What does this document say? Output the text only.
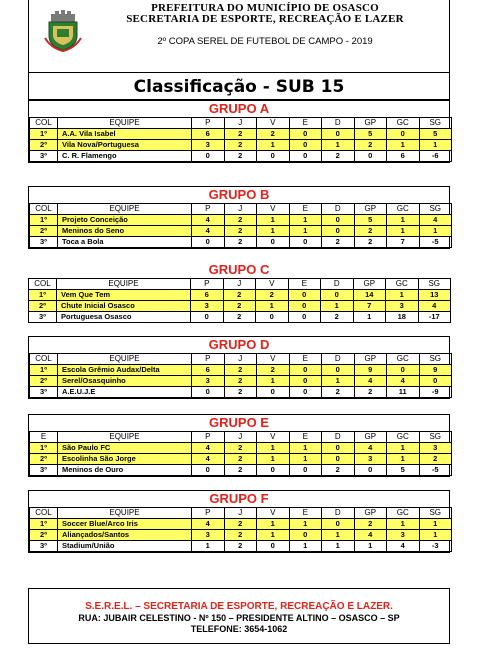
PREFEITURA DO MUNICÍPIO DE OSASCO
SECRETARIA DE ESPORTE, RECREAÇÃO E LAZER
2º COPA SEREL DE FUTEBOL DE CAMPO - 2019
Classificação - SUB 15
GRUPO A
COL	EQUIPE	P	J	V	E	D	GP	GC	SG
1º	A.A. Vila Isabel	6	2	2	0	0	5	0	5
2º	Vila Nova/Portuguesa	3	2	1	0	1	2	1	1
3º	C. R. Flamengo	0	2	0	0	2	0	6	-6
GRUPO B
COL	EQUIPE	P	J	V	E	D	GP	GC	SG
1º	Projeto Conceição	4	2	1	1	0	5	1	4
2º	Meninos do Seno	4	2	1	1	0	2	1	1
3º	Toca a Bola	0	2	0	0	2	2	7	-5
GRUPO C
COL	EQUIPE	P	J	V	E	D	GP	GC	SG
1º	Vem Que Tem	6	2	2	0	0	14	1	13
2º	Chute Inicial Osasco	3	2	1	0	1	7	3	4
3º	Portuguesa Osasco	0	2	0	0	2	1	18	-17
GRUPO D
COL	EQUIPE	P	J	V	E	D	GP	GC	SG
1º	Escola Grêmio Audax/Delta	6	2	2	0	0	9	0	9
2º	Serel/Osasquinho	3	2	1	0	1	4	4	0
3º	A.E.U.J.E	0	2	0	0	2	2	11	-9
GRUPO E
E	EQUIPE	P	J	V	E	D	GP	GC	SG
1º	São Paulo FC	4	2	1	1	0	4	1	3
2º	Escolinha São Jorge	4	2	1	1	0	3	1	2
3º	Meninos de Ouro	0	2	0	0	2	0	5	-5
GRUPO F
COL	EQUIPE	P	J	V	E	D	GP	GC	SG
1º	Soccer Blue/Arco Iris	4	2	1	1	0	2	1	1
2º	Aliançados/Santos	3	2	1	0	1	4	3	1
3º	Stadium/União	1	2	0	1	1	1	4	-3
S.E.R.E.L. – SECRETARIA DE ESPORTE, RECREAÇÃO E LAZER.
RUA: JUBAIR CELESTINO - Nº 150 – PRESIDENTE ALTINO – OSASCO – SP
TELEFONE: 3654-1062
